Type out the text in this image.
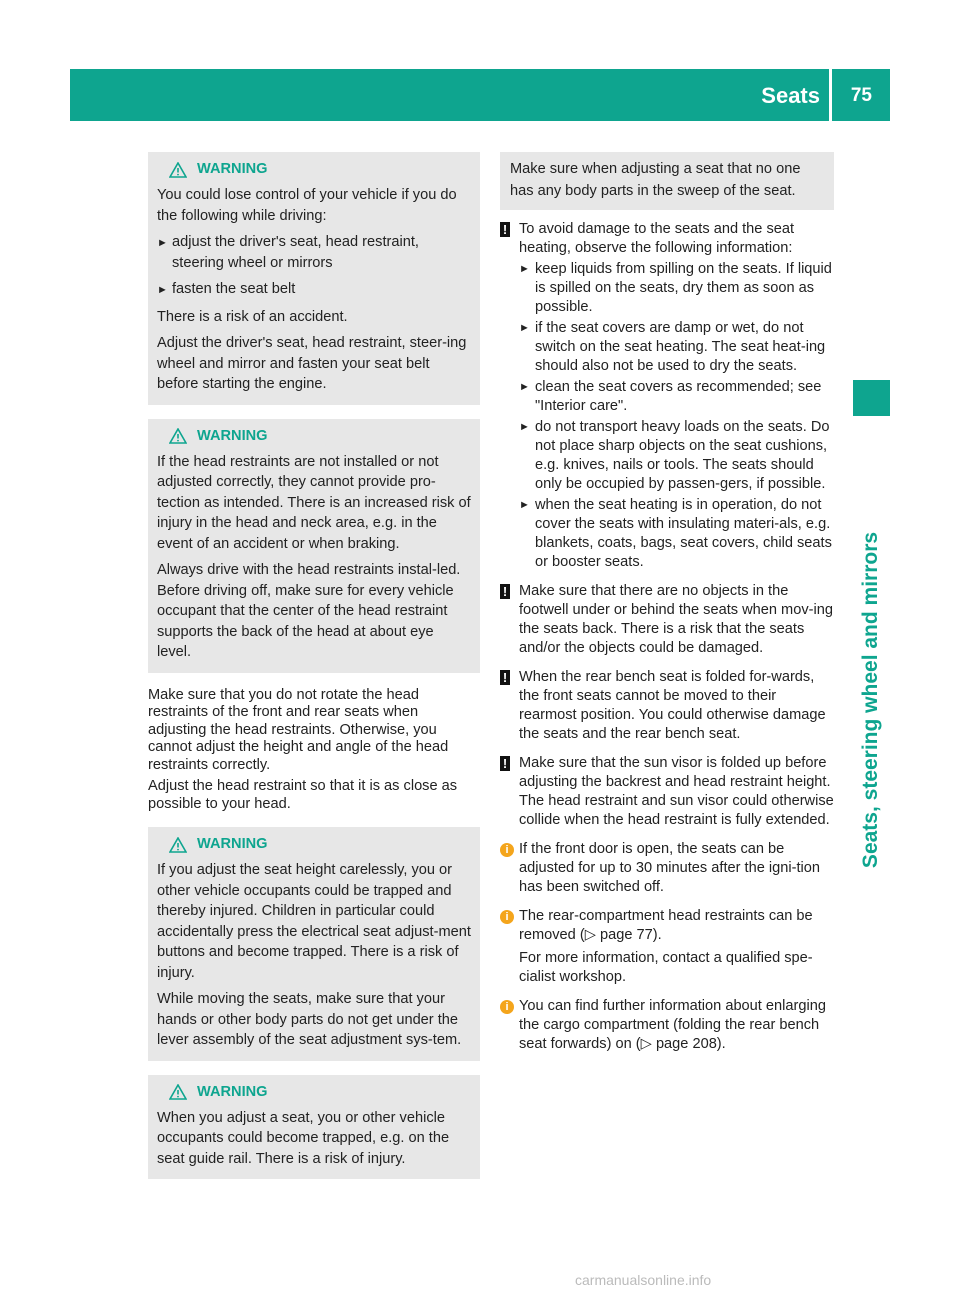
Seats 75
Seats, steering wheel and mirrors
WARNING

You could lose control of your vehicle if you do the following while driving:

► adjust the driver's seat, head restraint, steering wheel or mirrors
► fasten the seat belt

There is a risk of an accident.

Adjust the driver's seat, head restraint, steer-ing wheel and mirror and fasten your seat belt before starting the engine.

WARNING

If the head restraints are not installed or not adjusted correctly, they cannot provide pro-tection as intended. There is an increased risk of injury in the head and neck area, e.g. in the event of an accident or when braking.

Always drive with the head restraints instal-led. Before driving off, make sure for every vehicle occupant that the center of the head restraint supports the back of the head at about eye level.

Make sure that you do not rotate the head restraints of the front and rear seats when adjusting the head restraints. Otherwise, you cannot adjust the height and angle of the head restraints correctly.

Adjust the head restraint so that it is as close as possible to your head.

WARNING

If you adjust the seat height carelessly, you or other vehicle occupants could be trapped and thereby injured. Children in particular could accidentally press the electrical seat adjust-ment buttons and become trapped. There is a risk of injury.

While moving the seats, make sure that your hands or other body parts do not get under the lever assembly of the seat adjustment sys-tem.

WARNING

When you adjust a seat, you or other vehicle occupants could become trapped, e.g. on the seat guide rail. There is a risk of injury.

Make sure when adjusting a seat that no one has any body parts in the sweep of the seat.
! To avoid damage to the seats and the seat heating, observe the following information:

► keep liquids from spilling on the seats. If liquid is spilled on the seats, dry them as soon as possible.
► if the seat covers are damp or wet, do not switch on the seat heating. The seat heat-ing should also not be used to dry the seats.
► clean the seat covers as recommended; see "Interior care".
► do not transport heavy loads on the seats. Do not place sharp objects on the seat cushions, e.g. knives, nails or tools. The seats should only be occupied by passen-gers, if possible.
► when the seat heating is in operation, do not cover the seats with insulating materi-als, e.g. blankets, coats, bags, seat covers, child seats or booster seats.
! Make sure that there are no objects in the footwell under or behind the seats when mov-ing the seats back. There is a risk that the seats and/or the objects could be damaged.

! When the rear bench seat is folded for-wards, the front seats cannot be moved to their rearmost position. You could otherwise damage the seats and the rear bench seat.

! Make sure that the sun visor is folded up before adjusting the backrest and head restraint height. The head restraint and sun visor could otherwise collide when the head restraint is fully extended.

i If the front door is open, the seats can be adjusted for up to 30 minutes after the igni-tion has been switched off.

i The rear-compartment head restraints can be removed (▷ page 77).

For more information, contact a qualified spe-cialist workshop.

i You can find further information about enlarging the cargo compartment (folding the rear bench seat forwards) on (▷ page 208).

carmanualsonline.info
